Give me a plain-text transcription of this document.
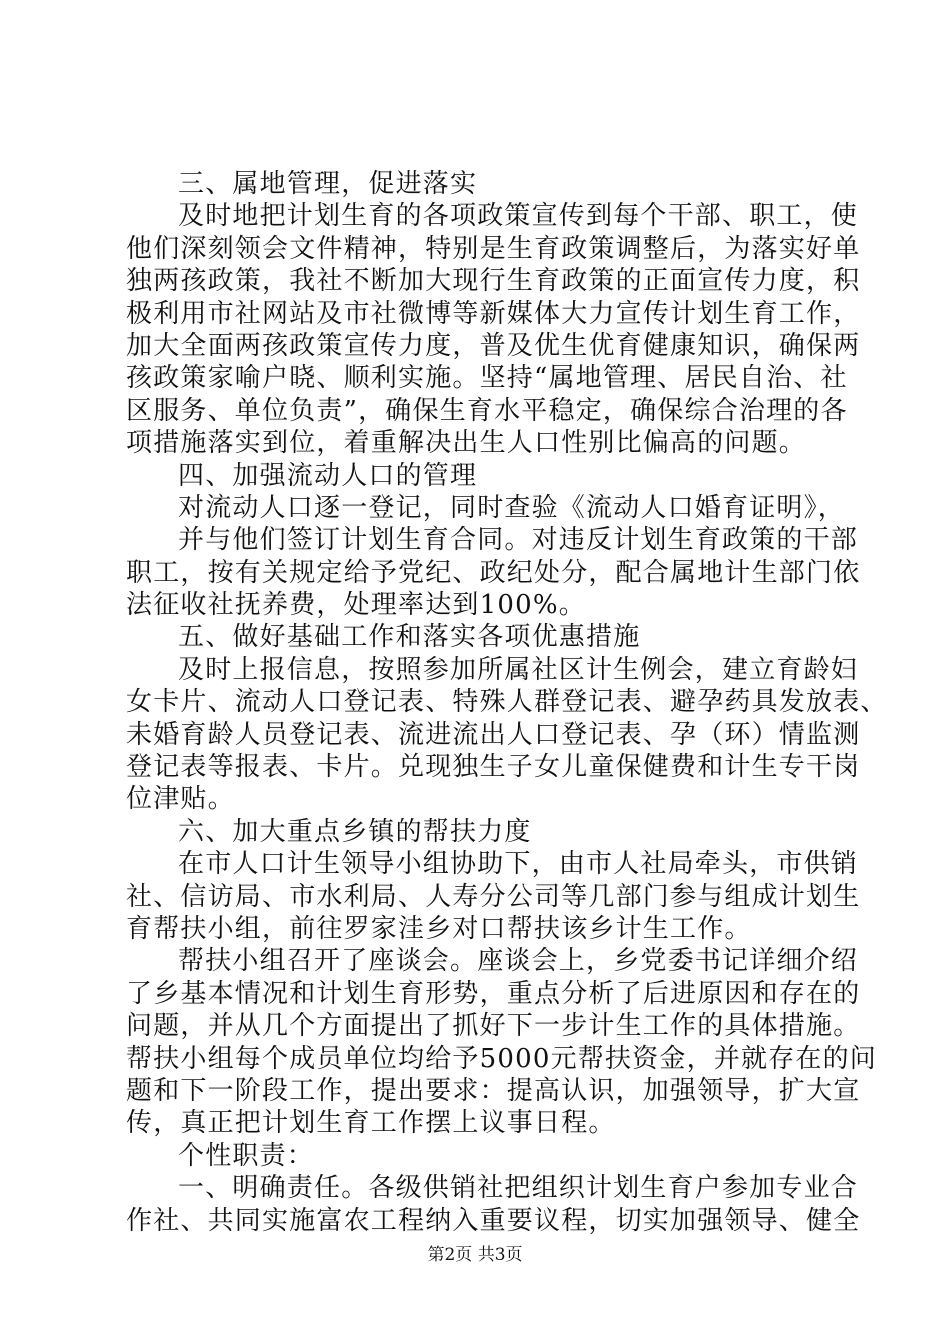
三、属地管理，促进落实
及时地把计划生育的各项政策宣传到每个干部、职工，使
他们深刻领会文件精神，特别是生育政策调整后，为落实好单
独两孩政策，我社不断加大现行生育政策的正面宣传力度，积
极利用市社网站及市社微博等新媒体大力宣传计划生育工作，
加大全面两孩政策宣传力度，普及优生优育健康知识，确保两
孩政策家喻户晓、顺利实施。坚持“属地管理、居民自治、社
区服务、单位负责”，确保生育水平稳定，确保综合治理的各
项措施落实到位，着重解决出生人口性别比偏高的问题。
四、加强流动人口的管理
对流动人口逐一登记，同时查验《流动人口婚育证明》，
并与他们签订计划生育合同。对违反计划生育政策的干部
职工，按有关规定给予党纪、政纪处分，配合属地计生部门依
法征收社抚养费，处理率达到100%。
五、做好基础工作和落实各项优惠措施
及时上报信息，按照参加所属社区计生例会，建立育龄妇
女卡片、流动人口登记表、特殊人群登记表、避孕药具发放表、
未婚育龄人员登记表、流进流出人口登记表、孕（环）情监测
登记表等报表、卡片。兑现独生子女儿童保健费和计生专干岗
位津贴。
六、加大重点乡镇的帮扶力度
在市人口计生领导小组协助下，由市人社局牵头，市供销
社、信访局、市水利局、人寿分公司等几部门参与组成计划生
育帮扶小组，前往罗家洼乡对口帮扶该乡计生工作。
帮扶小组召开了座谈会。座谈会上，乡党委书记详细介绍
了乡基本情况和计划生育形势，重点分析了后进原因和存在的
问题，并从几个方面提出了抓好下一步计生工作的具体措施。
帮扶小组每个成员单位均给予5000元帮扶资金，并就存在的问
题和下一阶段工作，提出要求：提高认识，加强领导，扩大宣
传，真正把计划生育工作摆上议事日程。
个性职责：
一、明确责任。各级供销社把组织计划生育户参加专业合
作社、共同实施富农工程纳入重要议程，切实加强领导、健全
第2页 共3页
